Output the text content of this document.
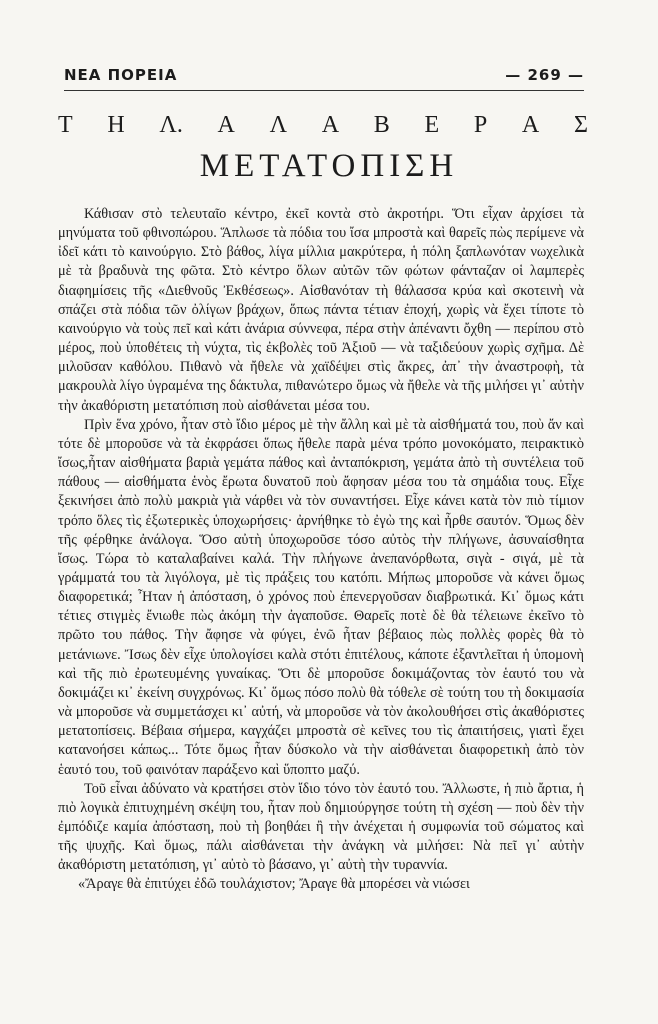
ΝΕΑ ΠΟΡΕΙΑ	— 269 —
Τ Η Λ. Α Λ Α Β Ε Ρ Α Σ
ΜΕΤΑΤΟΠΙΣΗ

Κάθισαν στὸ τελευταῖο κέντρο, ἐκεῖ κοντὰ στὸ ἀκροτήρι. Ὅτι εἶχαν ἀρχίσει τὰ μηνύματα τοῦ φθινοπώρου. Ἅπλωσε τὰ πόδια του ἴσα μπροστὰ καὶ θαρεῖς πὼς περίμενε νὰ ἰδεῖ κάτι τὸ καινούργιο. Στὸ βάθος, λίγα μίλλια μακρύτερα, ἡ πόλη ξαπλωνόταν νωχελικὰ μὲ τὰ βραδυνὰ της φῶτα. Στὸ κέντρο ὅλων αὐτῶν τῶν φώτων φάνταζαν οἱ λαμπερὲς διαφημίσεις τῆς «Διεθνοῦς Ἐκθέσεως». Αἰσθανόταν τὴ θάλασσα κρύα καὶ σκοτεινὴ νὰ σπάζει στὰ πόδια τῶν ὀλίγων βράχων, ὅπως πάντα τέτιαν ἐποχή, χωρὶς νὰ ἔχει τίποτε τὸ καινούργιο νὰ τοὺς πεῖ καὶ κάτι ἀνάρια σύννεφα, πέρα στὴν ἀπέναντι ὄχθη — περίπου στὸ μέρος, ποὺ ὑποθέτεις τὴ νύχτα, τὶς ἐκβολὲς τοῦ Ἀξιοῦ — νὰ ταξιδεύουν χωρὶς σχῆμα. Δὲ μιλοῦσαν καθόλου. Πιθανὸ νὰ ἤθελε νὰ χαϊδέψει στὶς ἄκρες, ἀπ᾽ τὴν ἀναστροφὴ, τὰ μακρουλὰ λίγο ὑγραμένα της δάκτυλα, πιθανώτερο ὅμως νὰ ἤθελε νὰ τῆς μιλήσει γι᾽ αὐτὴν τὴν ἀκαθόριστη μετατόπιση ποὺ αἰσθάνεται μέσα του.

Πρὶν ἕνα χρόνο, ἦταν στὸ ἴδιο μέρος μὲ τὴν ἄλλη καὶ μὲ τὰ αἰσθήματά του, ποὺ ἄν καὶ τότε δὲ μποροῦσε νὰ τὰ ἐκφράσει ὅπως ἤθελε παρὰ μένα τρόπο μονοκόματο, πειρακτικὸ ἴσως,ἦταν αἰσθήματα βαριὰ γεμάτα πάθος καὶ ἀνταπόκριση, γεμάτα ἀπὸ τὴ συντέλεια τοῦ πάθους — αἰσθήματα ἑνὸς ἔρωτα δυνατοῦ ποὺ ἄφησαν μέσα του τὰ σημάδια τους. Εἶχε ξεκινήσει ἀπὸ πολὺ μακριὰ γιὰ νάρθει νὰ τὸν συναντήσει. Εἶχε κάνει κατὰ τὸν πιὸ τίμιον τρόπο ὅλες τὶς ἐξωτερικὲς ὑποχωρήσεις· ἀρνήθηκε τὸ ἐγὼ της καὶ ἦρθε σαυτόν. Ὅμως δὲν τῆς φέρθηκε ἀνάλογα. Ὅσο αὐτὴ ὑποχωροῦσε τόσο αὐτὸς τὴν πλήγωνε, ἀσυναίσθητα ἴσως. Τώρα τὸ καταλαβαίνει καλά. Τὴν πλήγωνε ἀνεπανόρθωτα, σιγὰ - σιγά, μὲ τὰ γράμματά του τὰ λιγόλογα, μὲ τὶς πράξεις του κατόπι. Μήπως μποροῦσε νὰ κάνει ὅμως διαφορετικά; Ἦταν ἡ ἀπόσταση, ὁ χρόνος ποὺ ἐπενεργοῦσαν διαβρωτικά. Κι᾽ ὅμως κάτι τέτιες στιγμὲς ἔνιωθε πὼς ἀκόμη τὴν ἀγαποῦσε. Θαρεῖς ποτὲ δὲ θὰ τέλειωνε ἐκεῖνο τὸ πρῶτο του πάθος. Τὴν ἄφησε νὰ φύγει, ἐνῶ ἦταν βέβαιος πὼς πολλὲς φορὲς θὰ τὸ μετάνιωνε. Ἴσως δὲν εἶχε ὑπολογίσει καλὰ στότι ἐπιτέλους, κάποτε ἐξαντλεῖται ἡ ὑπομονὴ καὶ τῆς πιὸ ἐρωτευμένης γυναίκας. Ὅτι δὲ μποροῦσε δοκιμάζοντας τὸν ἑαυτό του νὰ δοκιμάζει κι᾽ ἐκείνη συγχρόνως. Κι᾽ ὅμως πόσο πολὺ θὰ τόθελε σὲ τούτη του τὴ δοκιμασία νὰ μποροῦσε νὰ συμμετάσχει κι᾽ αὐτή, νὰ μποροῦσε νὰ τὸν ἀκολουθήσει στὶς ἀκαθόριστες μετατοπίσεις. Βέβαια σήμερα, καγχάζει μπροστὰ σὲ κεῖνες του τὶς ἀπαιτήσεις, γιατὶ ἔχει κατανοήσει κάπως... Τότε ὅμως ἦταν δύσκολο νὰ τὴν αἰσθάνεται διαφορετικὴ ἀπὸ τὸν ἑαυτό του, τοῦ φαινόταν παράξενο καὶ ὕποπτο μαζύ.

Τοῦ εἶναι ἀδύνατο νὰ κρατήσει στὸν ἴδιο τόνο τὸν ἑαυτό του. Ἄλλωστε, ἡ πιὸ ἄρτια, ἡ πιὸ λογικὰ ἐπιτυχημένη σκέψη του, ἦταν ποὺ δημιούργησε τούτη τὴ σχέση — ποὺ δὲν τὴν ἐμπόδιζε καμία ἀπόσταση, ποὺ τὴ βοηθάει ἢ τὴν ἀνέχεται ἡ συμφωνία τοῦ σώματος καὶ τῆς ψυχῆς. Καὶ ὅμως, πάλι αἰσθάνεται τὴν ἀνάγκη νὰ μιλήσει: Νὰ πεῖ γι᾽ αὐτὴν ἀκαθόριστη μετατόπιση, γι᾽ αὐτὸ τὸ βάσανο, γι᾽ αὐτὴ τὴν τυραννία.

«Ἄραγε θὰ ἐπιτύχει ἐδῶ τουλάχιστον; Ἄραγε θὰ μπορέσει νὰ νιώσει
